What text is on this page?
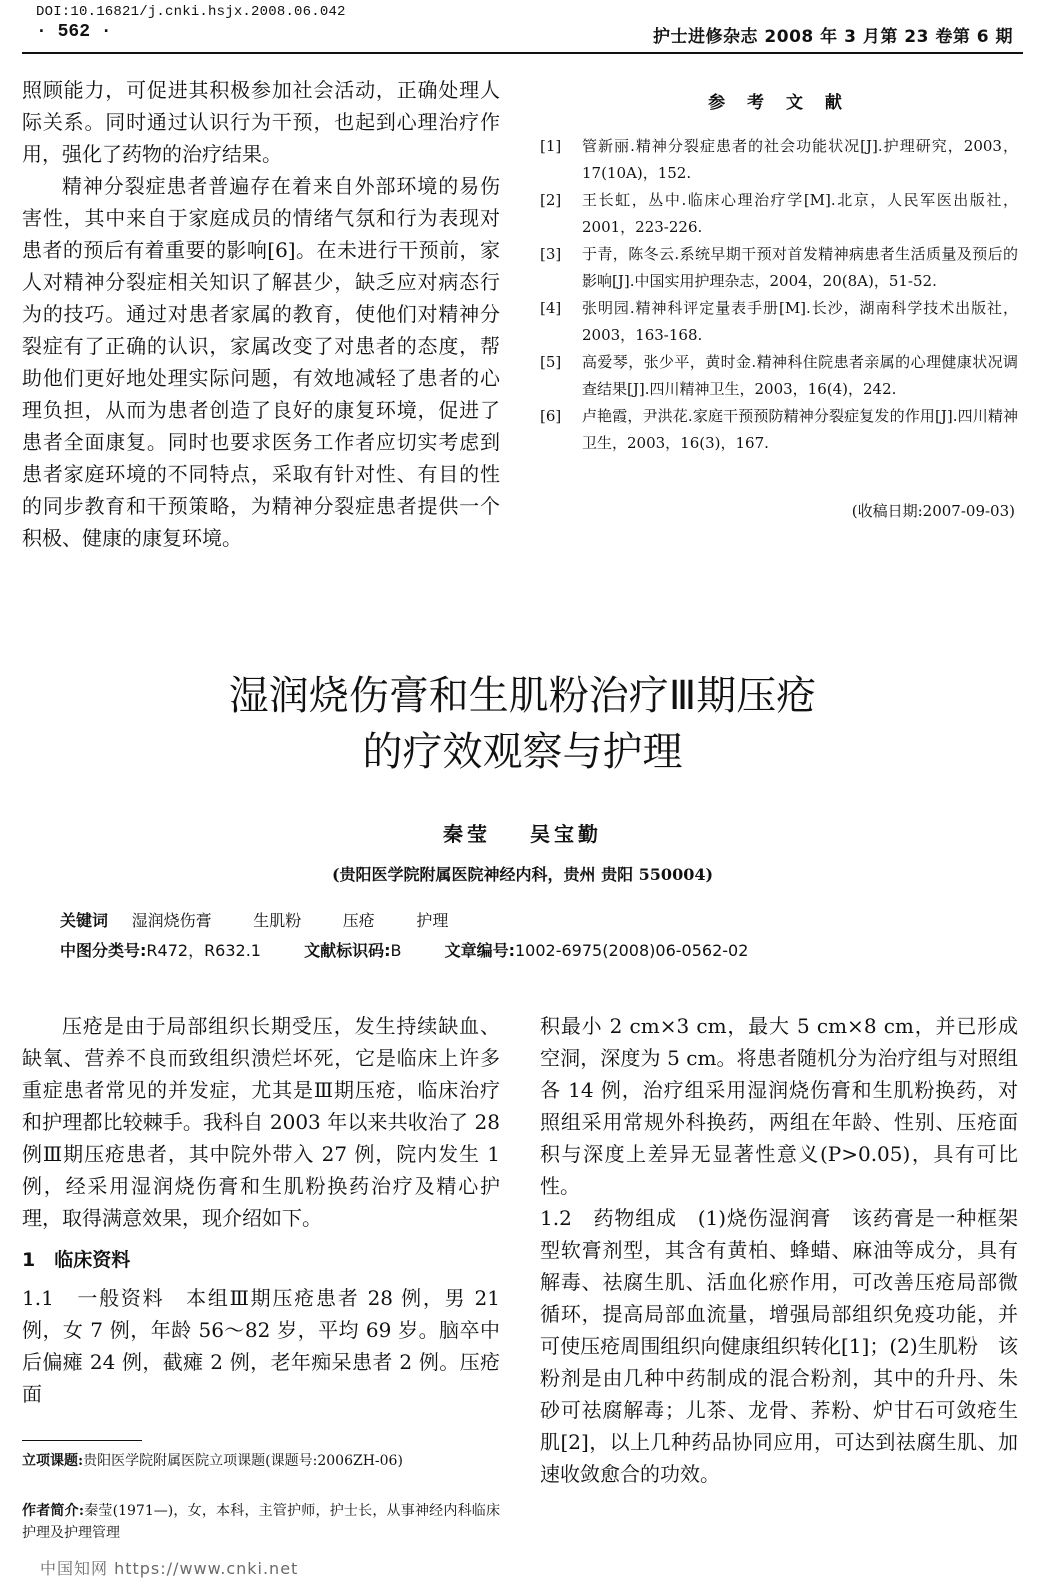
DOI:10.16821/j.cnki.hsjx.2008.06.042
· 562 ·	护士进修杂志 2008 年 3 月第 23 卷第 6 期

照顾能力，可促进其积极参加社会活动，正确处理人际关系。同时通过认识行为干预，也起到心理治疗作用，强化了药物的治疗结果。

精神分裂症患者普遍存在着来自外部环境的易伤害性，其中来自于家庭成员的情绪气氛和行为表现对患者的预后有着重要的影响[6]。在未进行干预前，家人对精神分裂症相关知识了解甚少，缺乏应对病态行为的技巧。通过对患者家属的教育，使他们对精神分裂症有了正确的认识，家属改变了对患者的态度，帮助他们更好地处理实际问题，有效地减轻了患者的心理负担，从而为患者创造了良好的康复环境，促进了患者全面康复。同时也要求医务工作者应切实考虑到患者家庭环境的不同特点，采取有针对性、有目的性的同步教育和干预策略，为精神分裂症患者提供一个积极、健康的康复环境。

参 考 文 献
[1] 管新丽.精神分裂症患者的社会功能状况[J].护理研究，2003，17(10A)，152.
[2] 王长虹，丛中.临床心理治疗学[M].北京，人民军医出版社，2001，223-226.
[3] 于青，陈冬云.系统早期干预对首发精神病患者生活质量及预后的影响[J].中国实用护理杂志，2004，20(8A)，51-52.
[4] 张明园.精神科评定量表手册[M].长沙，湖南科学技术出版社，2003，163-168.
[5] 高爱琴，张少平，黄时金.精神科住院患者亲属的心理健康状况调查结果[J].四川精神卫生，2003，16(4)，242.
[6] 卢艳霞，尹洪花.家庭干预预防精神分裂症复发的作用[J].四川精神卫生，2003，16(3)，167.
(收稿日期:2007-09-03)
湿润烧伤膏和生肌粉治疗Ⅲ期压疮
的疗效观察与护理
秦莹 吴宝勤
(贵阳医学院附属医院神经内科，贵州 贵阳 550004)
关键词 湿润烧伤膏	生肌粉	压疮	护理
中图分类号:R472，R632.1	文献标识码:B	文章编号:1002-6975(2008)06-0562-02

压疮是由于局部组织长期受压，发生持续缺血、缺氧、营养不良而致组织溃烂坏死，它是临床上许多重症患者常见的并发症，尤其是Ⅲ期压疮，临床治疗和护理都比较棘手。我科自 2003 年以来共收治了 28 例Ⅲ期压疮患者，其中院外带入 27 例，院内发生 1 例，经采用湿润烧伤膏和生肌粉换药治疗及精心护理，取得满意效果，现介绍如下。

1　临床资料

1.1　一般资料　本组Ⅲ期压疮患者 28 例，男 21 例，女 7 例，年龄 56～82 岁，平均 69 岁。脑卒中后偏瘫 24 例，截瘫 2 例，老年痴呆患者 2 例。压疮面

积最小 2 cm×3 cm，最大 5 cm×8 cm，并已形成空洞，深度为 5 cm。将患者随机分为治疗组与对照组各 14 例，治疗组采用湿润烧伤膏和生肌粉换药，对照组采用常规外科换药，两组在年龄、性别、压疮面积与深度上差异无显著性意义(P>0.05)，具有可比性。

1.2　药物组成　(1)烧伤湿润膏　该药膏是一种框架型软膏剂型，其含有黄柏、蜂蜡、麻油等成分，具有解毒、祛腐生肌、活血化瘀作用，可改善压疮局部微循环，提高局部血流量，增强局部组织免疫功能，并可使压疮周围组织向健康组织转化[1]；(2)生肌粉　该粉剂是由几种中药制成的混合粉剂，其中的升丹、朱砂可祛腐解毒；儿茶、龙骨、荞粉、炉甘石可敛疮生肌[2]，以上几种药品协同应用，可达到祛腐生肌、加速收敛愈合的功效。

立项课题:贵阳医学院附属医院立项课题(课题号:2006ZH-06)
作者简介:秦莹(1971—)，女，本科，主管护师，护士长，从事神经内科临床护理及护理管理
中国知网 https://www.cnki.net
